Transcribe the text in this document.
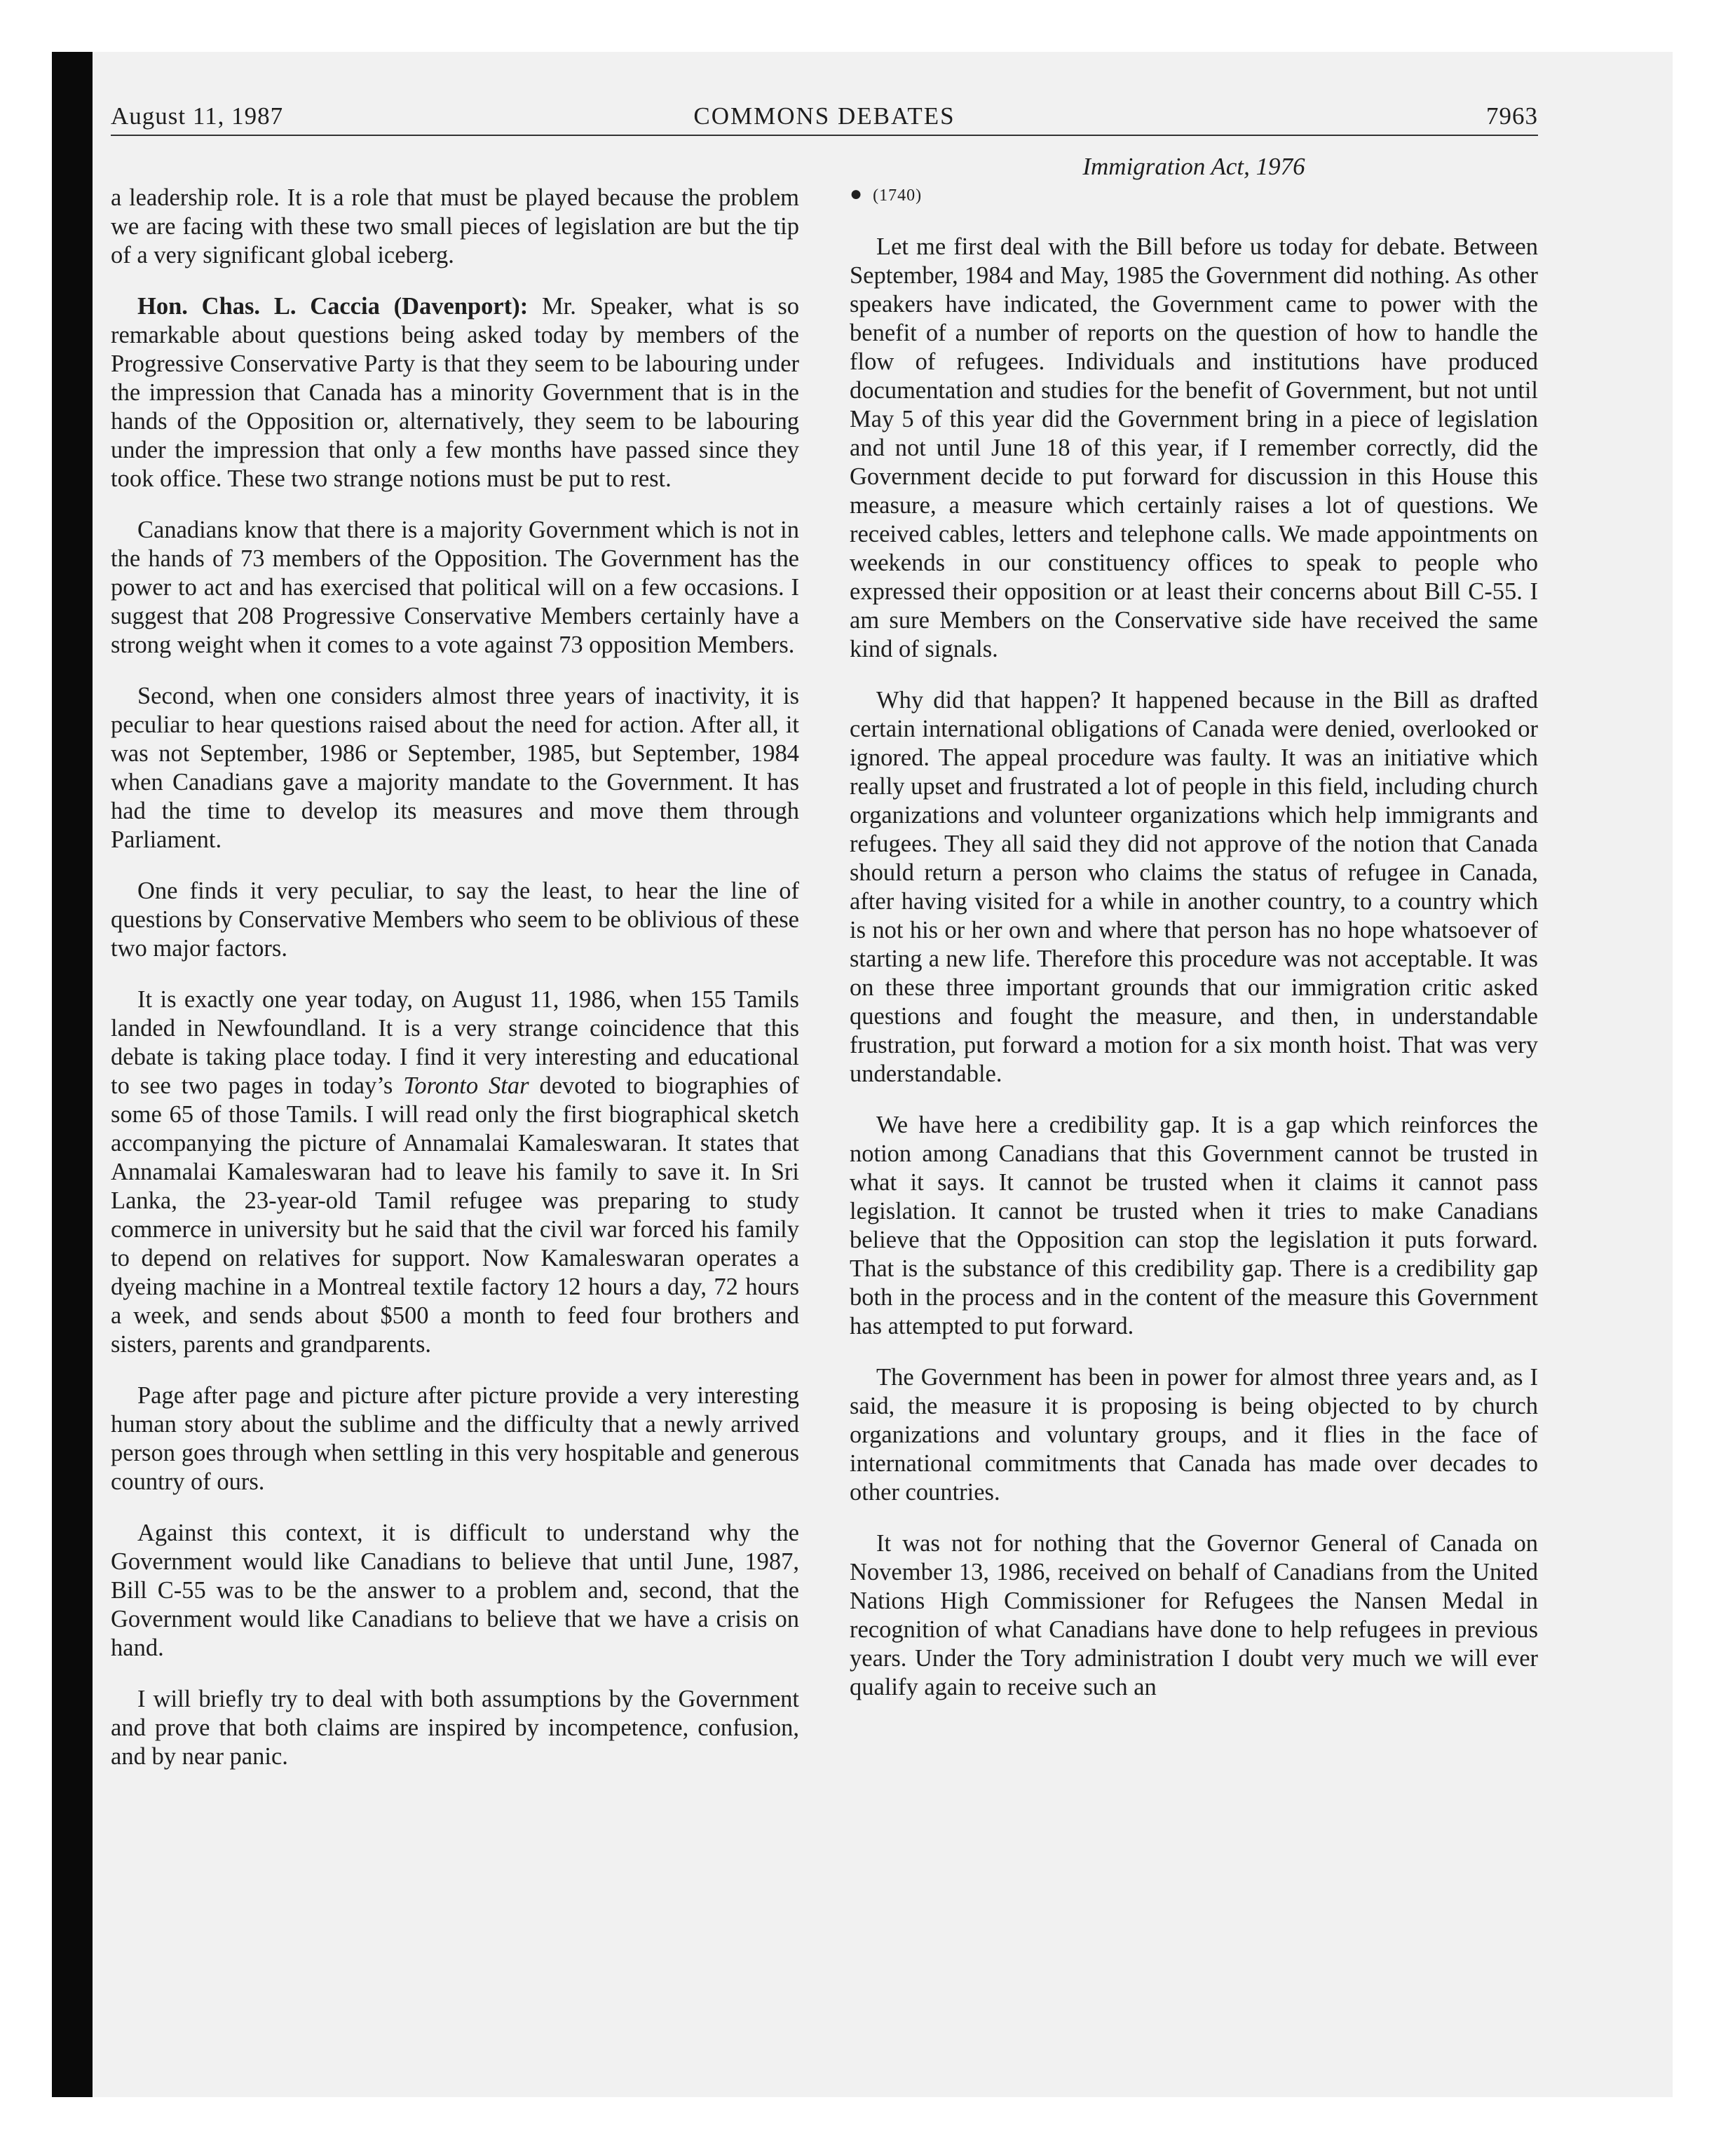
August 11, 1987	COMMONS DEBATES	7963
Immigration Act, 1976

a leadership role. It is a role that must be played because the problem we are facing with these two small pieces of legislation are but the tip of a very significant global iceberg.

Hon. Chas. L. Caccia (Davenport): Mr. Speaker, what is so remarkable about questions being asked today by members of the Progressive Conservative Party is that they seem to be labouring under the impression that Canada has a minority Government that is in the hands of the Opposition or, alternatively, they seem to be labouring under the impression that only a few months have passed since they took office. These two strange notions must be put to rest.

Canadians know that there is a majority Government which is not in the hands of 73 members of the Opposition. The Government has the power to act and has exercised that political will on a few occasions. I suggest that 208 Progressive Conservative Members certainly have a strong weight when it comes to a vote against 73 opposition Members.

Second, when one considers almost three years of inactivity, it is peculiar to hear questions raised about the need for action. After all, it was not September, 1986 or September, 1985, but September, 1984 when Canadians gave a majority mandate to the Government. It has had the time to develop its measures and move them through Parliament.

One finds it very peculiar, to say the least, to hear the line of questions by Conservative Members who seem to be oblivious of these two major factors.

It is exactly one year today, on August 11, 1986, when 155 Tamils landed in Newfoundland. It is a very strange coincidence that this debate is taking place today. I find it very interesting and educational to see two pages in today’s Toronto Star devoted to biographies of some 65 of those Tamils. I will read only the first biographical sketch accompanying the picture of Annamalai Kamaleswaran. It states that Annamalai Kamaleswaran had to leave his family to save it. In Sri Lanka, the 23-year-old Tamil refugee was preparing to study commerce in university but he said that the civil war forced his family to depend on relatives for support. Now Kamaleswaran operates a dyeing machine in a Montreal textile factory 12 hours a day, 72 hours a week, and sends about $500 a month to feed four brothers and sisters, parents and grandparents.

Page after page and picture after picture provide a very interesting human story about the sublime and the difficulty that a newly arrived person goes through when settling in this very hospitable and generous country of ours.

Against this context, it is difficult to understand why the Government would like Canadians to believe that until June, 1987, Bill C-55 was to be the answer to a problem and, second, that the Government would like Canadians to believe that we have a crisis on hand.

I will briefly try to deal with both assumptions by the Government and prove that both claims are inspired by incompetence, confusion, and by near panic.

● (1740)

Let me first deal with the Bill before us today for debate. Between September, 1984 and May, 1985 the Government did nothing. As other speakers have indicated, the Government came to power with the benefit of a number of reports on the question of how to handle the flow of refugees. Individuals and institutions have produced documentation and studies for the benefit of Government, but not until May 5 of this year did the Government bring in a piece of legislation and not until June 18 of this year, if I remember correctly, did the Government decide to put forward for discussion in this House this measure, a measure which certainly raises a lot of questions. We received cables, letters and telephone calls. We made appointments on weekends in our constituency offices to speak to people who expressed their opposition or at least their concerns about Bill C-55. I am sure Members on the Conservative side have received the same kind of signals.

Why did that happen? It happened because in the Bill as drafted certain international obligations of Canada were denied, overlooked or ignored. The appeal procedure was faulty. It was an initiative which really upset and frustrated a lot of people in this field, including church organizations and volunteer organizations which help immigrants and refugees. They all said they did not approve of the notion that Canada should return a person who claims the status of refugee in Canada, after having visited for a while in another country, to a country which is not his or her own and where that person has no hope whatsoever of starting a new life. Therefore this procedure was not acceptable. It was on these three important grounds that our immigration critic asked questions and fought the measure, and then, in understandable frustration, put forward a motion for a six month hoist. That was very understandable.

We have here a credibility gap. It is a gap which reinforces the notion among Canadians that this Government cannot be trusted in what it says. It cannot be trusted when it claims it cannot pass legislation. It cannot be trusted when it tries to make Canadians believe that the Opposition can stop the legislation it puts forward. That is the substance of this credibility gap. There is a credibility gap both in the process and in the content of the measure this Government has attempted to put forward.

The Government has been in power for almost three years and, as I said, the measure it is proposing is being objected to by church organizations and voluntary groups, and it flies in the face of international commitments that Canada has made over decades to other countries.

It was not for nothing that the Governor General of Canada on November 13, 1986, received on behalf of Canadians from the United Nations High Commissioner for Refugees the Nansen Medal in recognition of what Canadians have done to help refugees in previous years. Under the Tory administration I doubt very much we will ever qualify again to receive such an
